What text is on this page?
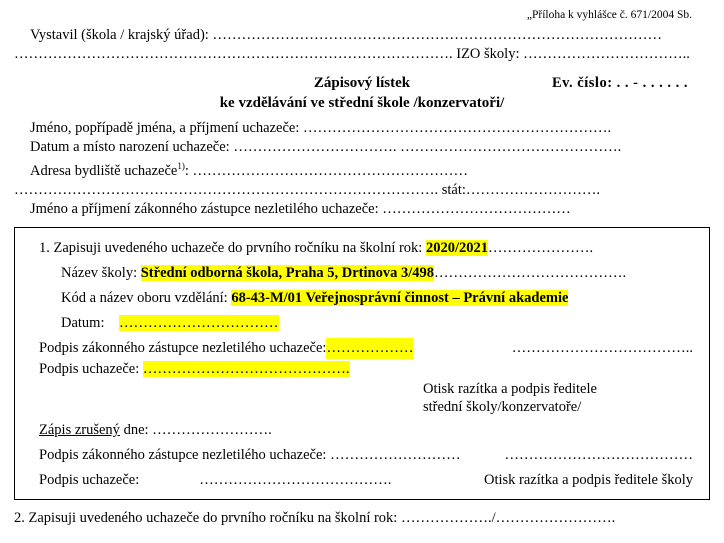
„Příloha k vyhlášce č. 671/2004 Sb.
Vystavil (škola / krajský úřad): …………………………………………………………………………………
………………………………………………………………………………. IZO školy: ……………………………..
Zápisový lístek	Ev. číslo: . . - . . . . . .
ke vzdělávání ve střední škole /konzervatoři/
Jméno, popřípadě jména, a příjmení uchazeče: ……………………………………………………….
Datum a místo narození uchazeče: ……………………………. ……………………………………….
Adresa bydliště uchazeče$^{1)}$: …………………………………………………
……………………………………………………………………………. stát:……………………….
Jméno a příjmení zákonného zástupce nezletilého uchazeče: …………………………………
1. Zapisuji uvedeného uchazeče do prvního ročníku na školní rok: 2020/2021………………….
Název školy: Střední odborná škola, Praha 5, Drtinova 3/498………………………………….
Kód a název oboru vzdělání: 68-43-M/01 Veřejnosprávní činnost – Právní akademie
Datum: ……………………………
Podpis zákonného zástupce nezletilého uchazeče: ………………	………………………………..
Podpis uchazeče: …………………………………….
Otisk razítka a podpis ředitele
střední školy/konzervatoře/
Zápis zrušený dne: …………………….
Podpis zákonného zástupce nezletilého uchazeče: ………………………	…………………………………
Podpis uchazeče:	………………………………….	Otisk razítka a podpis ředitele školy
2. Zapisuji uvedeného uchazeče do prvního ročníku na školní rok: ………………./…………………….
